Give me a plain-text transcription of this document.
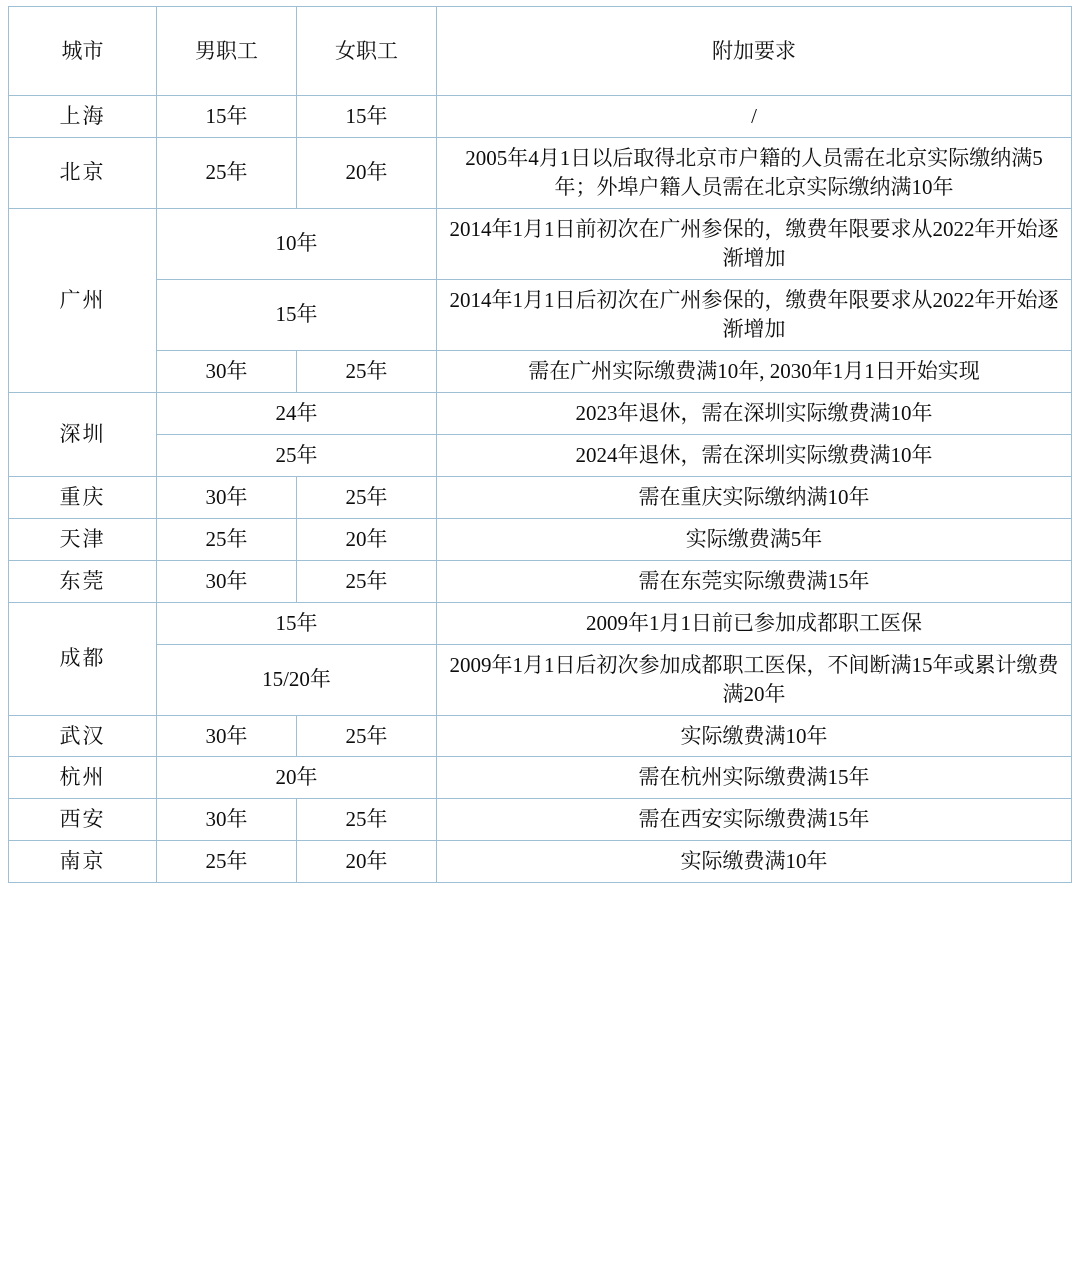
城市	男职工	女职工	附加要求
上海	15年	15年	/
北京	25年	20年	2005年4月1日以后取得北京市户籍的人员需在北京实际缴纳满5年；外埠户籍人员需在北京实际缴纳满10年
广州	10年		2014年1月1日前初次在广州参保的，缴费年限要求从2022年开始逐渐增加
	15年		2014年1月1日后初次在广州参保的，缴费年限要求从2022年开始逐渐增加
	30年	25年	需在广州实际缴费满10年, 2030年1月1日开始实现
深圳	24年		2023年退休，需在深圳实际缴费满10年
	25年		2024年退休，需在深圳实际缴费满10年
重庆	30年	25年	需在重庆实际缴纳满10年
天津	25年	20年	实际缴费满5年
东莞	30年	25年	需在东莞实际缴费满15年
成都	15年		2009年1月1日前已参加成都职工医保
	15/20年		2009年1月1日后初次参加成都职工医保，不间断满15年或累计缴费满20年
武汉	30年	25年	实际缴费满10年
杭州	20年		需在杭州实际缴费满15年
西安	30年	25年	需在西安实际缴费满15年
南京	25年	20年	实际缴费满10年
